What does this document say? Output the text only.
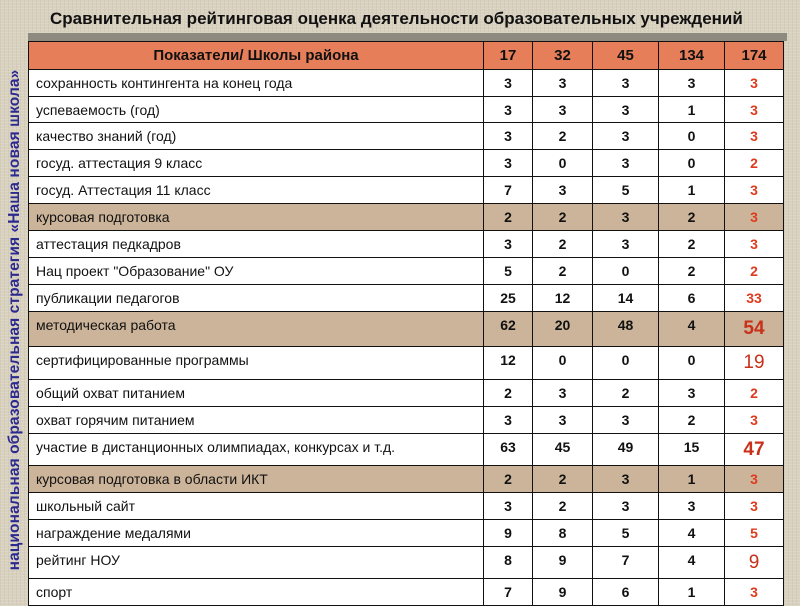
Сравнительная рейтинговая оценка деятельности образовательных учреждений
национальная образовательная стратегия «Наша новая школа»
Показатели/ Школы района	17	32	45	134	174
сохранность контингента на конец года	3	3	3	3	3
успеваемость (год)	3	3	3	1	3
качество знаний (год)	3	2	3	0	3
госуд. аттестация 9 класс	3	0	3	0	2
госуд. Аттестация 11 класс	7	3	5	1	3
курсовая подготовка	2	2	3	2	3
аттестация педкадров	3	2	3	2	3
Нац проект "Образование" ОУ	5	2	0	2	2
публикации педагогов	25	12	14	6	33
методическая работа	62	20	48	4	54
сертифицированные программы	12	0	0	0	19
общий охват питанием	2	3	2	3	2
охват горячим питанием	3	3	3	2	3
участие в дистанционных олимпиадах, конкурсах и т.д.	63	45	49	15	47
курсовая подготовка в области ИКТ	2	2	3	1	3
школьный сайт	3	2	3	3	3
награждение медалями	9	8	5	4	5
рейтинг НОУ	8	9	7	4	9
спорт	7	9	6	1	3
